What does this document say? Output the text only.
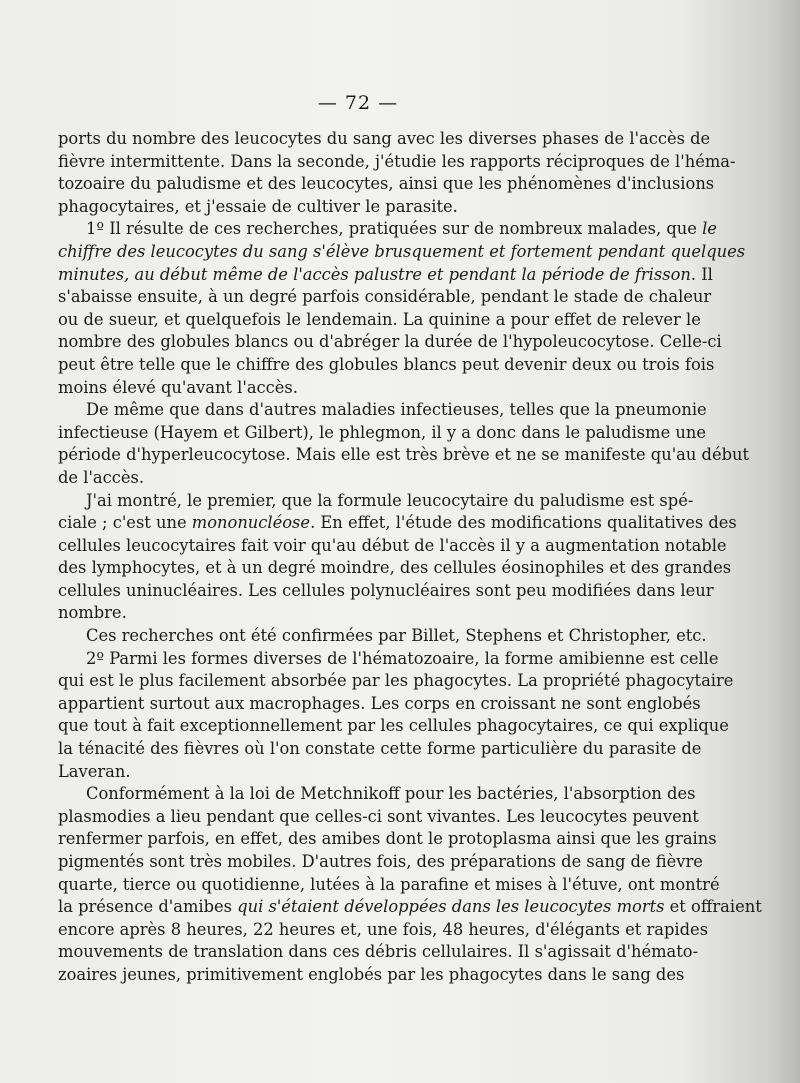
— 72 —
ports du nombre des leucocytes du sang avec les diverses phases de l'accès de
fièvre intermittente. Dans la seconde, j'étudie les rapports réciproques de l'héma-
tozoaire du paludisme et des leucocytes, ainsi que les phénomènes d'inclusions
phagocytaires, et j'essaie de cultiver le parasite.
1º Il résulte de ces recherches, pratiquées sur de nombreux malades, que le
chiffre des leucocytes du sang s'élève brusquement et fortement pendant quelques
minutes, au début même de l'accès palustre et pendant la période de frisson. Il
s'abaisse ensuite, à un degré parfois considérable, pendant le stade de chaleur
ou de sueur, et quelquefois le lendemain. La quinine a pour effet de relever le
nombre des globules blancs ou d'abréger la durée de l'hypoleucocytose. Celle-ci
peut être telle que le chiffre des globules blancs peut devenir deux ou trois fois
moins élevé qu'avant l'accès.
De même que dans d'autres maladies infectieuses, telles que la pneumonie
infectieuse (Hayem et Gilbert), le phlegmon, il y a donc dans le paludisme une
période d'hyperleucocytose. Mais elle est très brève et ne se manifeste qu'au début
de l'accès.
J'ai montré, le premier, que la formule leucocytaire du paludisme est spé-
ciale ; c'est une mononucléose. En effet, l'étude des modifications qualitatives des
cellules leucocytaires fait voir qu'au début de l'accès il y a augmentation notable
des lymphocytes, et à un degré moindre, des cellules éosinophiles et des grandes
cellules uninucléaires. Les cellules polynucléaires sont peu modifiées dans leur
nombre.
Ces recherches ont été confirmées par Billet, Stephens et Christopher, etc.
2º Parmi les formes diverses de l'hématozoaire, la forme amibienne est celle
qui est le plus facilement absorbée par les phagocytes. La propriété phagocytaire
appartient surtout aux macrophages. Les corps en croissant ne sont englobés
que tout à fait exceptionnellement par les cellules phagocytaires, ce qui explique
la ténacité des fièvres où l'on constate cette forme particulière du parasite de
Laveran.
Conformément à la loi de Metchnikoff pour les bactéries, l'absorption des
plasmodies a lieu pendant que celles-ci sont vivantes. Les leucocytes peuvent
renfermer parfois, en effet, des amibes dont le protoplasma ainsi que les grains
pigmentés sont très mobiles. D'autres fois, des préparations de sang de fièvre
quarte, tierce ou quotidienne, lutées à la parafine et mises à l'étuve, ont montré
la présence d'amibes qui s'étaient développées dans les leucocytes morts et offraient
encore après 8 heures, 22 heures et, une fois, 48 heures, d'élégants et rapides
mouvements de translation dans ces débris cellulaires. Il s'agissait d'hémato-
zoaires jeunes, primitivement englobés par les phagocytes dans le sang des
